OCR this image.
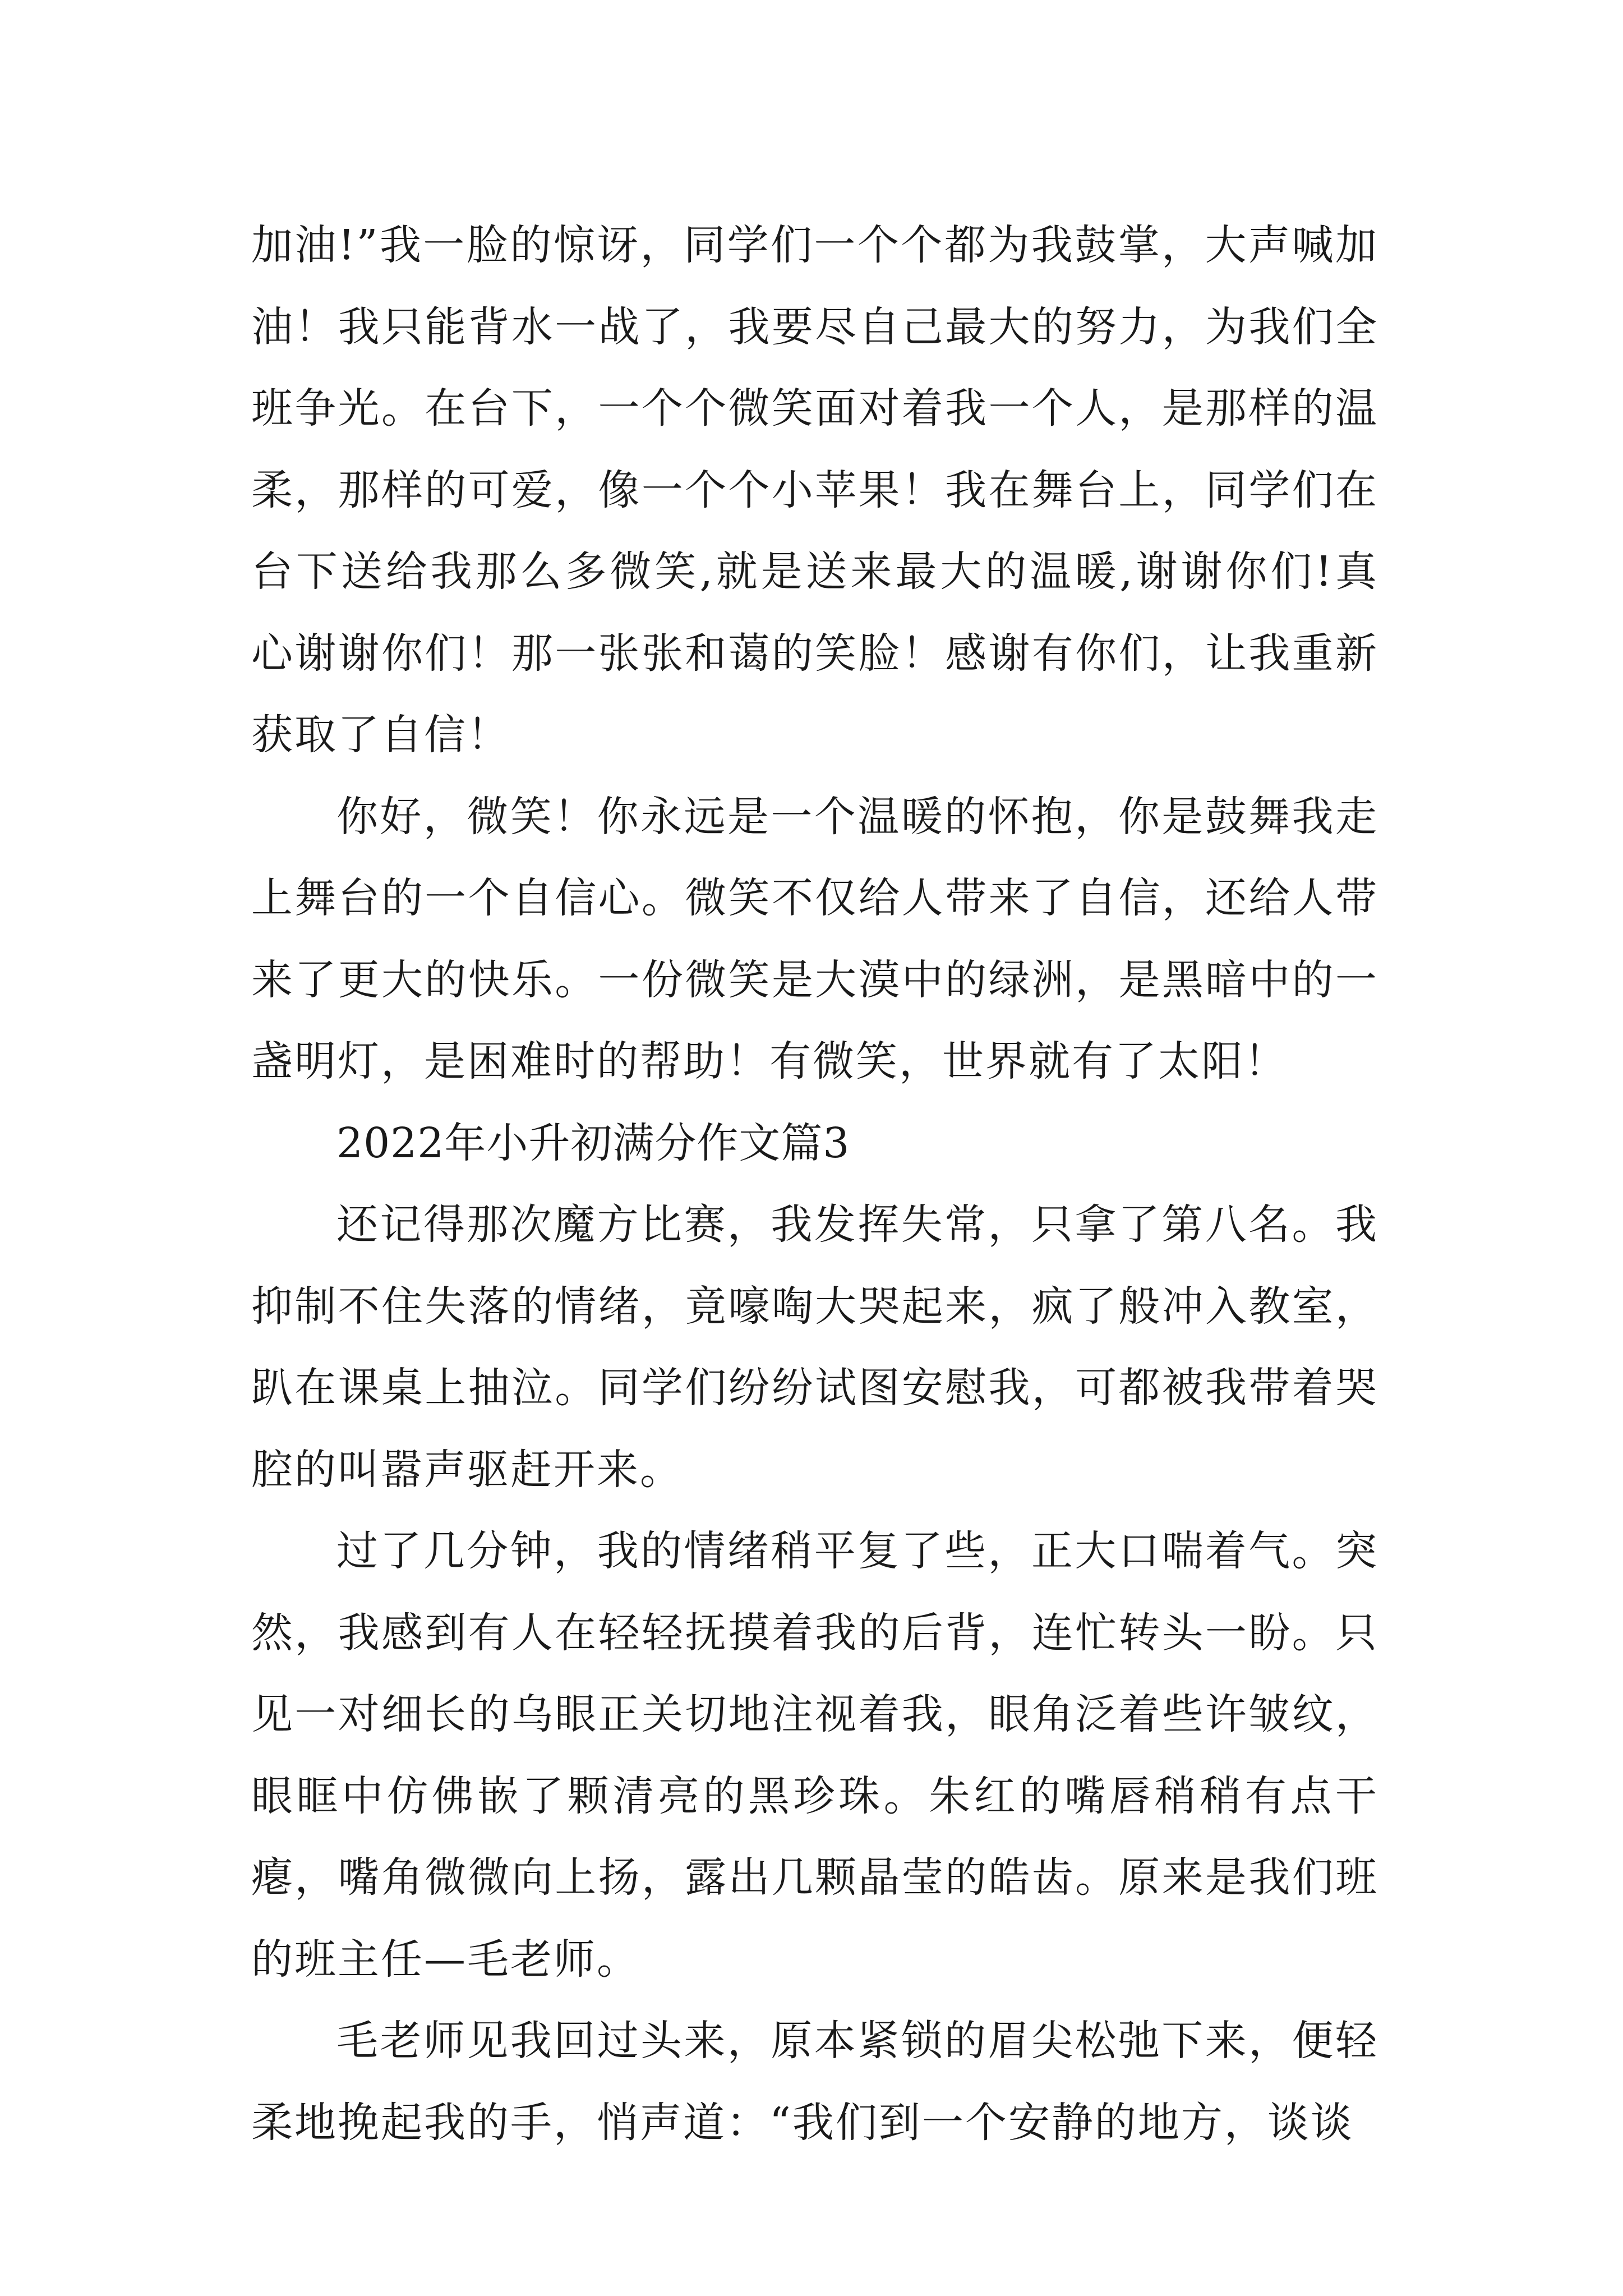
加油!”我一脸的惊讶，同学们一个个都为我鼓掌，大声喊加油！我只能背水一战了，我要尽自己最大的努力，为我们全班争光。在台下，一个个微笑面对着我一个人，是那样的温柔，那样的可爱，像一个个小苹果！我在舞台上，同学们在台下送给我那么多微笑,就是送来最大的温暖,谢谢你们!真心谢谢你们！那一张张和蔼的笑脸！感谢有你们，让我重新获取了自信！

你好，微笑！你永远是一个温暖的怀抱，你是鼓舞我走上舞台的一个自信心。微笑不仅给人带来了自信，还给人带来了更大的快乐。一份微笑是大漠中的绿洲，是黑暗中的一盏明灯，是困难时的帮助！有微笑，世界就有了太阳！

2022年小升初满分作文篇3

还记得那次魔方比赛，我发挥失常，只拿了第八名。我抑制不住失落的情绪，竟嚎啕大哭起来，疯了般冲入教室，趴在课桌上抽泣。同学们纷纷试图安慰我，可都被我带着哭腔的叫嚣声驱赶开来。

过了几分钟，我的情绪稍平复了些，正大口喘着气。突然，我感到有人在轻轻抚摸着我的后背，连忙转头一盼。只见一对细长的乌眼正关切地注视着我，眼角泛着些许皱纹，眼眶中仿佛嵌了颗清亮的黑珍珠。朱红的嘴唇稍稍有点干瘪，嘴角微微向上扬，露出几颗晶莹的皓齿。原来是我们班的班主任—毛老师。

毛老师见我回过头来，原本紧锁的眉尖松弛下来，便轻柔地挽起我的手，悄声道：“我们到一个安静的地方，谈谈
